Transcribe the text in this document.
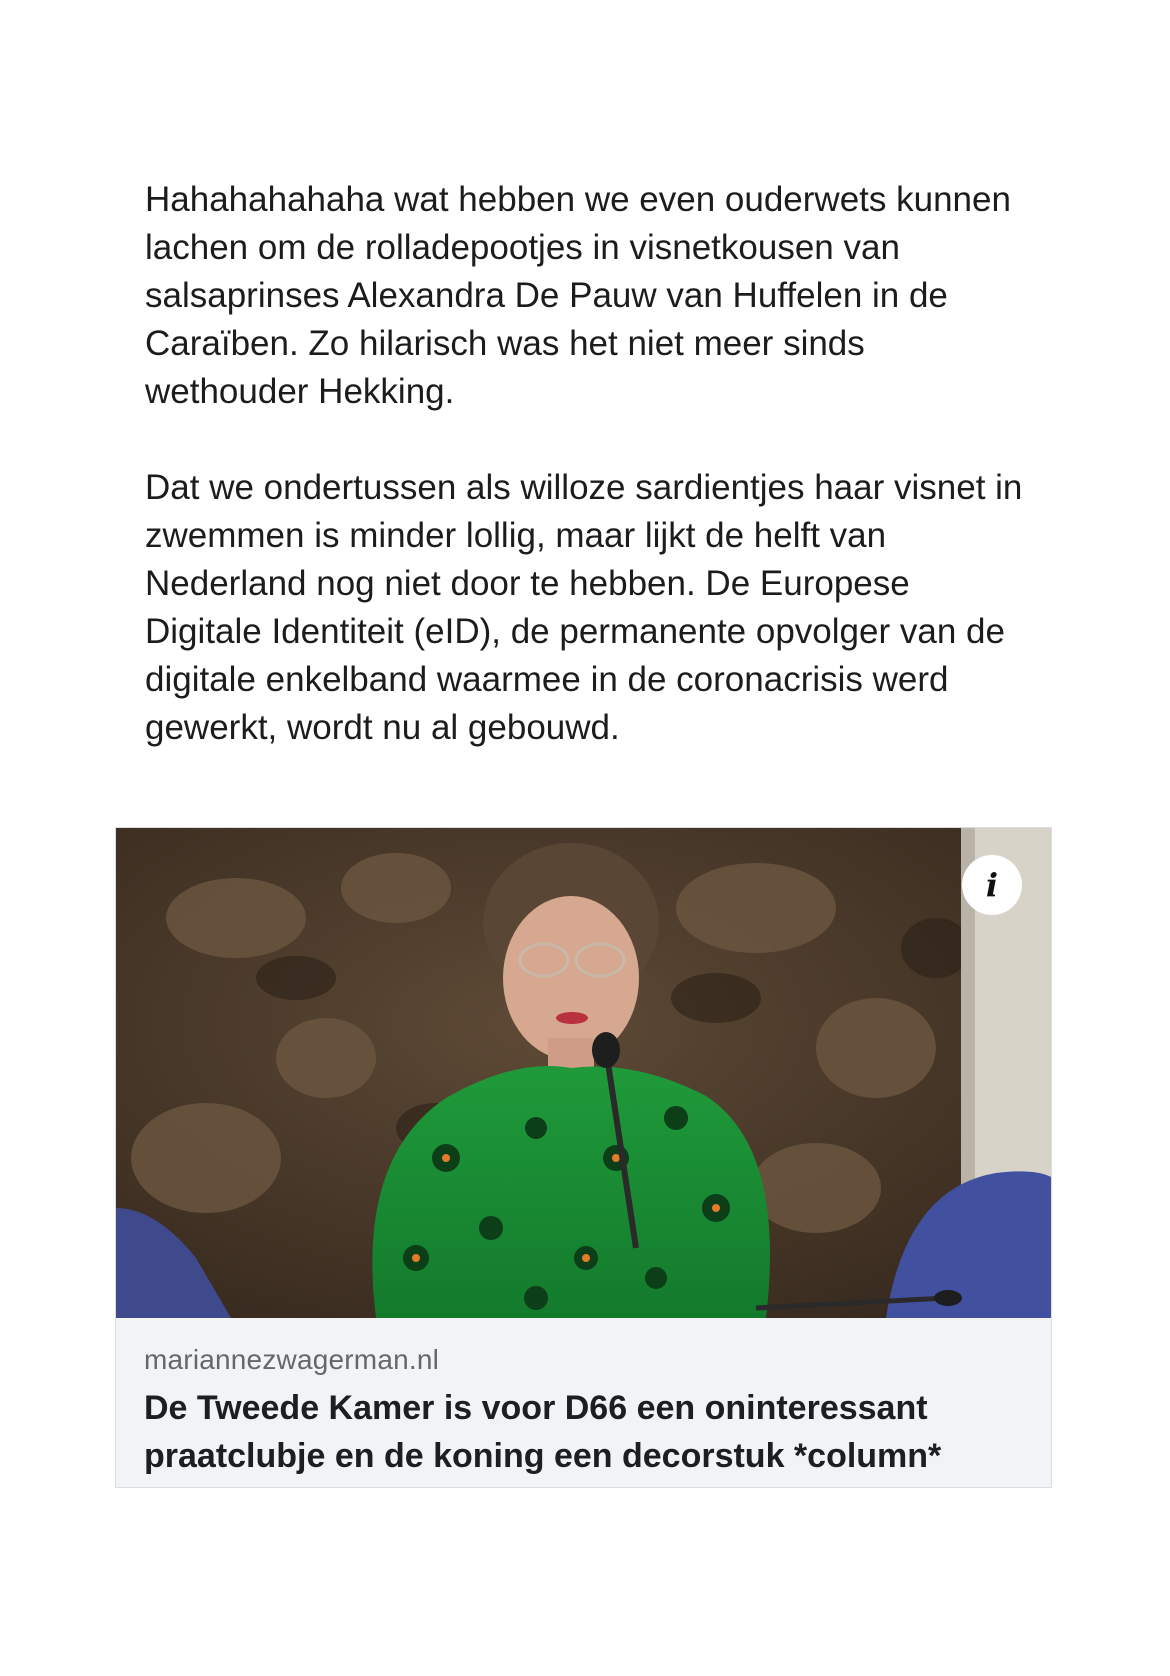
Hahahahahaha wat hebben we even ouderwets kunnen lachen om de rolladepootjes in visnetkousen van salsaprinses Alexandra De Pauw van Huffelen in de Caraïben. Zo hilarisch was het niet meer sinds wethouder Hekking.

Dat we ondertussen als willoze sardientjes haar visnet in zwemmen is minder lollig, maar lijkt de helft van Nederland nog niet door te hebben. De Europese Digitale Identiteit (eID), de permanente opvolger van de digitale enkelband waarmee in de coronacrisis werd gewerkt, wordt nu al gebouwd.

i
mariannezwagerman.nl
De Tweede Kamer is voor D66 een oninteressant praatclubje en de koning een decorstuk *column*
